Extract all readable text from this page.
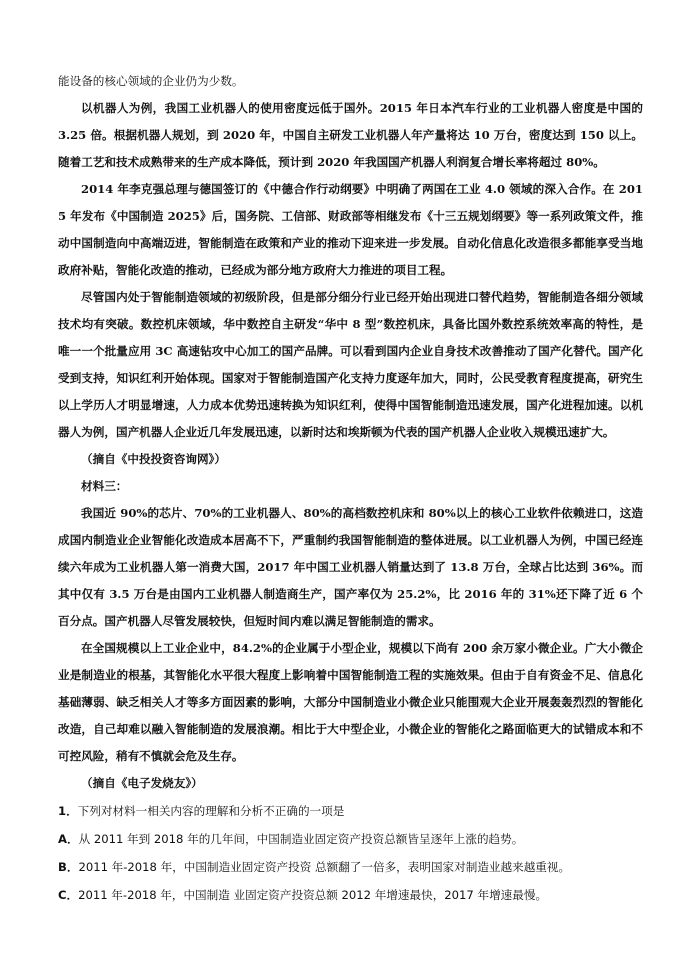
能设备的核心领域的企业仍为少数。

以机器人为例，我国工业机器人的使用密度远低于国外。2015 年日本汽车行业的工业机器人密度是中国的 3.25 倍。根据机器人规划，到 2020 年，中国自主研发工业机器人年产量将达 10 万台，密度达到 150 以上。随着工艺和技术成熟带来的生产成本降低，预计到 2020 年我国国产机器人利润复合增长率将超过 80%。

2014 年李克强总理与德国签订的《中德合作行动纲要》中明确了两国在工业 4.0 领域的深入合作。在 2015 年发布《中国制造 2025》后，国务院、工信部、财政部等相继发布《十三五规划纲要》等一系列政策文件，推动中国制造向中高端迈进，智能制造在政策和产业的推动下迎来进一步发展。自动化信息化改造很多都能享受当地政府补贴，智能化改造的推动，已经成为部分地方政府大力推进的项目工程。

尽管国内处于智能制造领域的初级阶段，但是部分细分行业已经开始出现进口替代趋势，智能制造各细分领域技术均有突破。数控机床领域，华中数控自主研发“华中 8 型”数控机床，具备比国外数控系统效率高的特性，是唯一一个批量应用 3C 高速钻攻中心加工的国产品牌。可以看到国内企业自身技术改善推动了国产化替代。国产化受到支持，知识红利开始体现。国家对于智能制造国产化支持力度逐年加大，同时，公民受教育程度提高，研究生以上学历人才明显增速，人力成本优势迅速转换为知识红利，使得中国智能制造迅速发展，国产化进程加速。以机器人为例，国产机器人企业近几年发展迅速，以新时达和埃斯顿为代表的国产机器人企业收入规模迅速扩大。

（摘自《中投投资咨询网》）

材料三：

我国近 90%的芯片、70%的工业机器人、80%的高档数控机床和 80%以上的核心工业软件依赖进口，这造成国内制造业企业智能化改造成本居高不下，严重制约我国智能制造的整体进展。以工业机器人为例，中国已经连续六年成为工业机器人第一消费大国，2017 年中国工业机器人销量达到了 13.8 万台，全球占比达到 36%。而其中仅有 3.5 万台是由国内工业机器人制造商生产，国产率仅为 25.2%，比 2016 年的 31%还下降了近 6 个百分点。国产机器人尽管发展较快，但短时间内难以满足智能制造的需求。

在全国规模以上工业企业中，84.2%的企业属于小型企业，规模以下尚有 200 余万家小微企业。广大小微企业是制造业的根基，其智能化水平很大程度上影响着中国智能制造工程的实施效果。但由于自有资金不足、信息化基础薄弱、缺乏相关人才等多方面因素的影响，大部分中国制造业小微企业只能围观大企业开展轰轰烈烈的智能化改造，自己却难以融入智能制造的发展浪潮。相比于大中型企业，小微企业的智能化之路面临更大的试错成本和不可控风险，稍有不慎就会危及生存。

（摘自《电子发烧友》）

1．下列对材料一相关内容的理解和分析不正确的一项是

A．从 2011 年到 2018 年的几年间，中国制造业固定资产投资总额皆呈逐年上涨的趋势。

B．2011 年-2018 年，中国制造业固定资产投资 总额翻了一倍多，表明国家对制造业越来越重视。

C．2011 年-2018 年，中国制造 业固定资产投资总额 2012 年增速最快，2017 年增速最慢。
